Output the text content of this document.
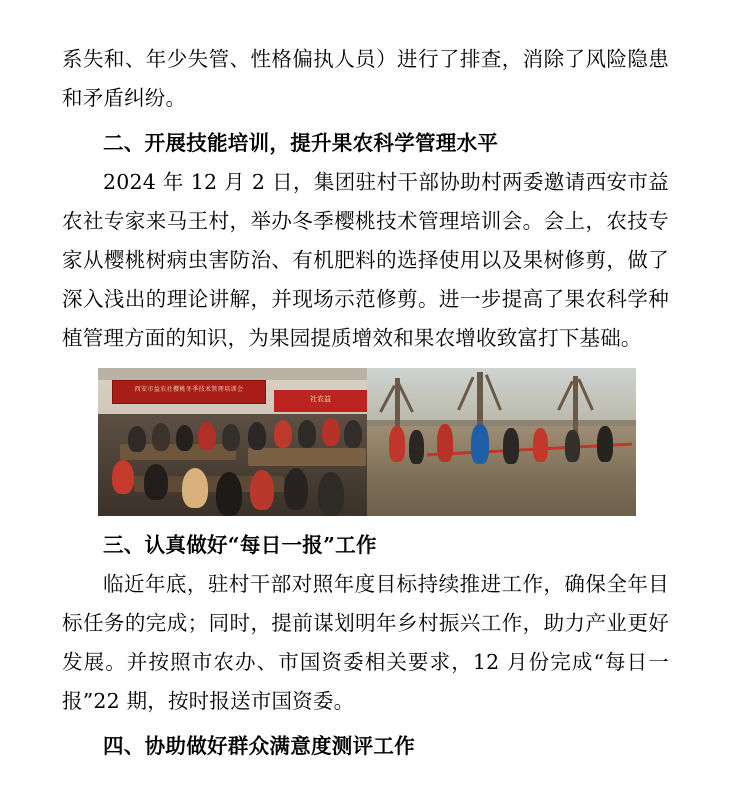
系失和、年少失管、性格偏执人员）进行了排查，消除了风险隐患和矛盾纠纷。

二、开展技能培训，提升果农科学管理水平

2024 年 12 月 2 日，集团驻村干部协助村两委邀请西安市益农社专家来马王村，举办冬季樱桃技术管理培训会。会上，农技专家从樱桃树病虫害防治、有机肥料的选择使用以及果树修剪，做了深入浅出的理论讲解，并现场示范修剪。进一步提高了果农科学种植管理方面的知识，为果园提质增效和果农增收致富打下基础。

西安市益农社樱桃冬季技术管理培训会
社农益

三、认真做好“每日一报”工作

临近年底，驻村干部对照年度目标持续推进工作，确保全年目标任务的完成；同时，提前谋划明年乡村振兴工作，助力产业更好发展。并按照市农办、市国资委相关要求，12 月份完成“每日一报”22 期，按时报送市国资委。

四、协助做好群众满意度测评工作
